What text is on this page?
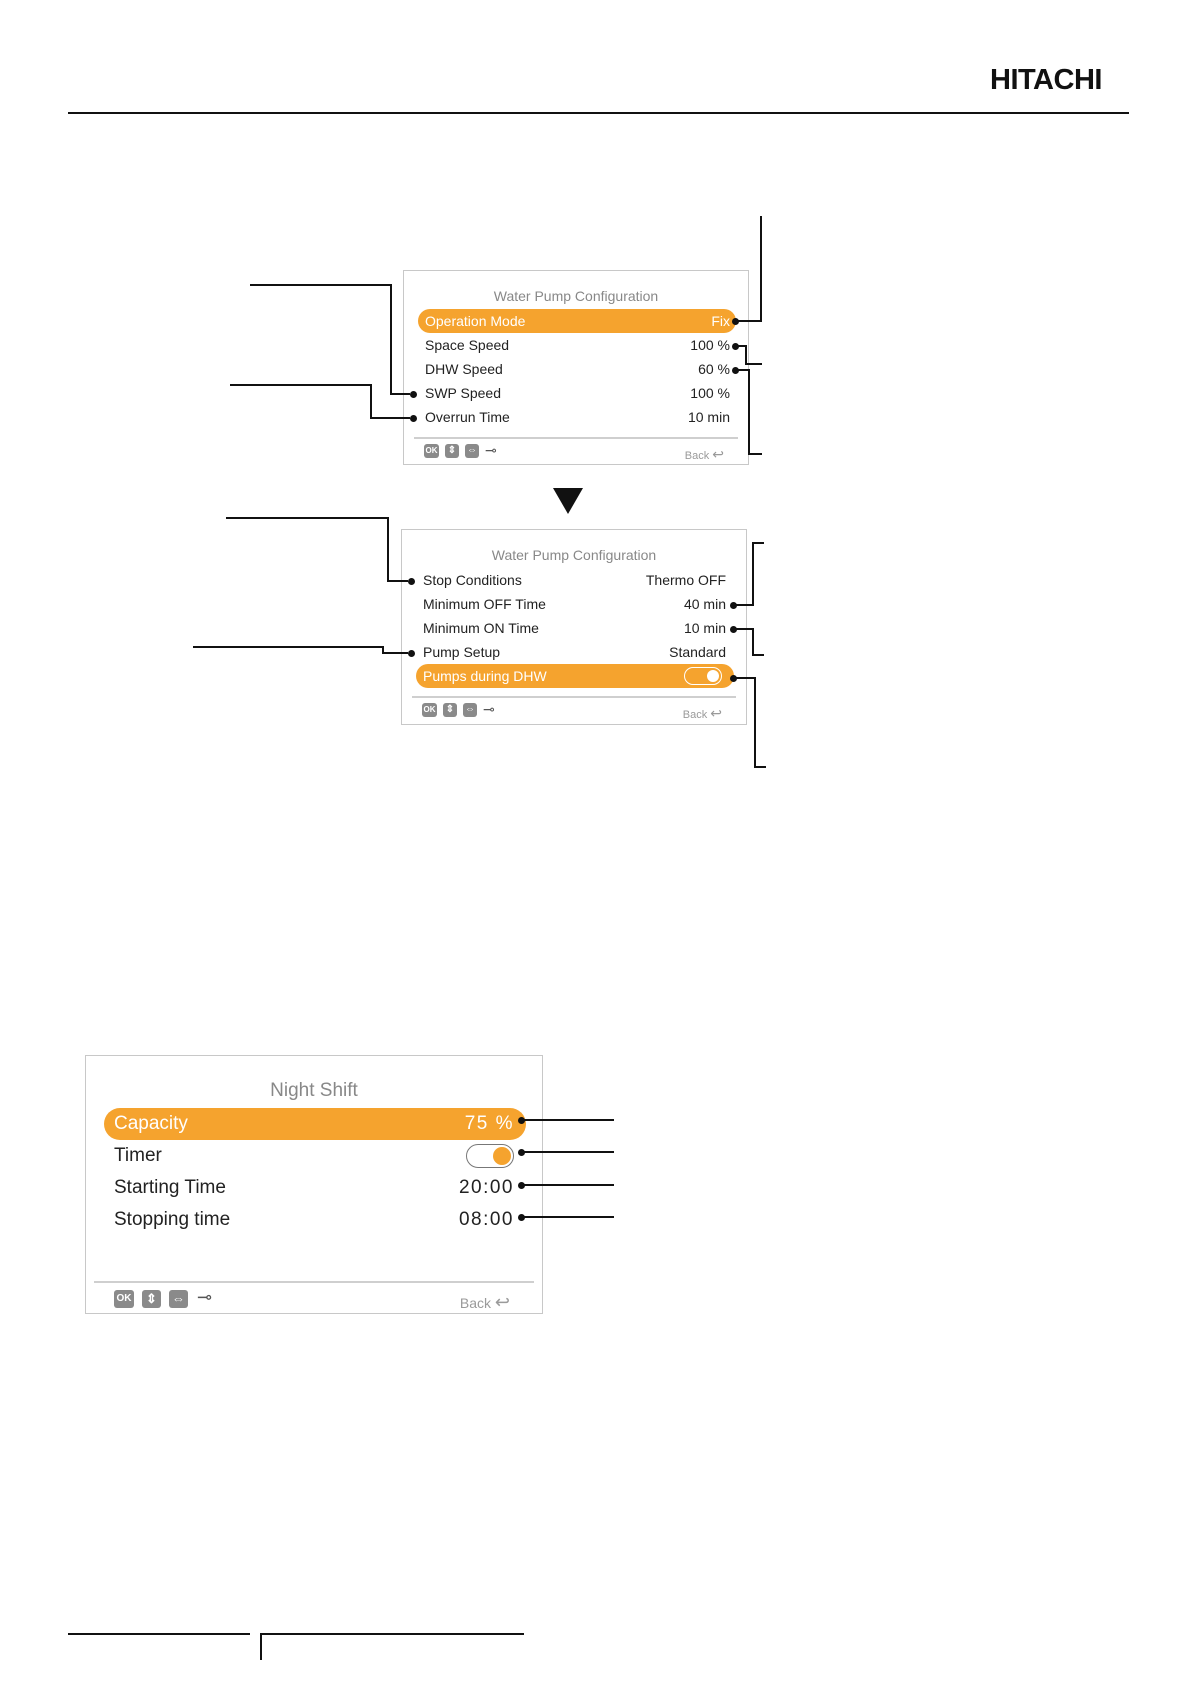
HITACHI
Water Pump Configuration
Operation Mode	Fix
Space Speed	100 %
DHW Speed	60 %
SWP Speed	100 %
Overrun Time	10 min
OK ⇕ ⇔ ⊸	Back ↩
Water Pump Configuration
Stop Conditions	Thermo OFF
Minimum OFF Time	40 min
Minimum ON Time	10 min
Pump Setup	Standard
Pumps during DHW
OK ⇕ ⇔ ⊸	Back ↩
Night Shift
Capacity	75 %
Timer
Starting Time	20:00
Stopping time	08:00
OK	⇕	⇔ ⊸	Back ↩
